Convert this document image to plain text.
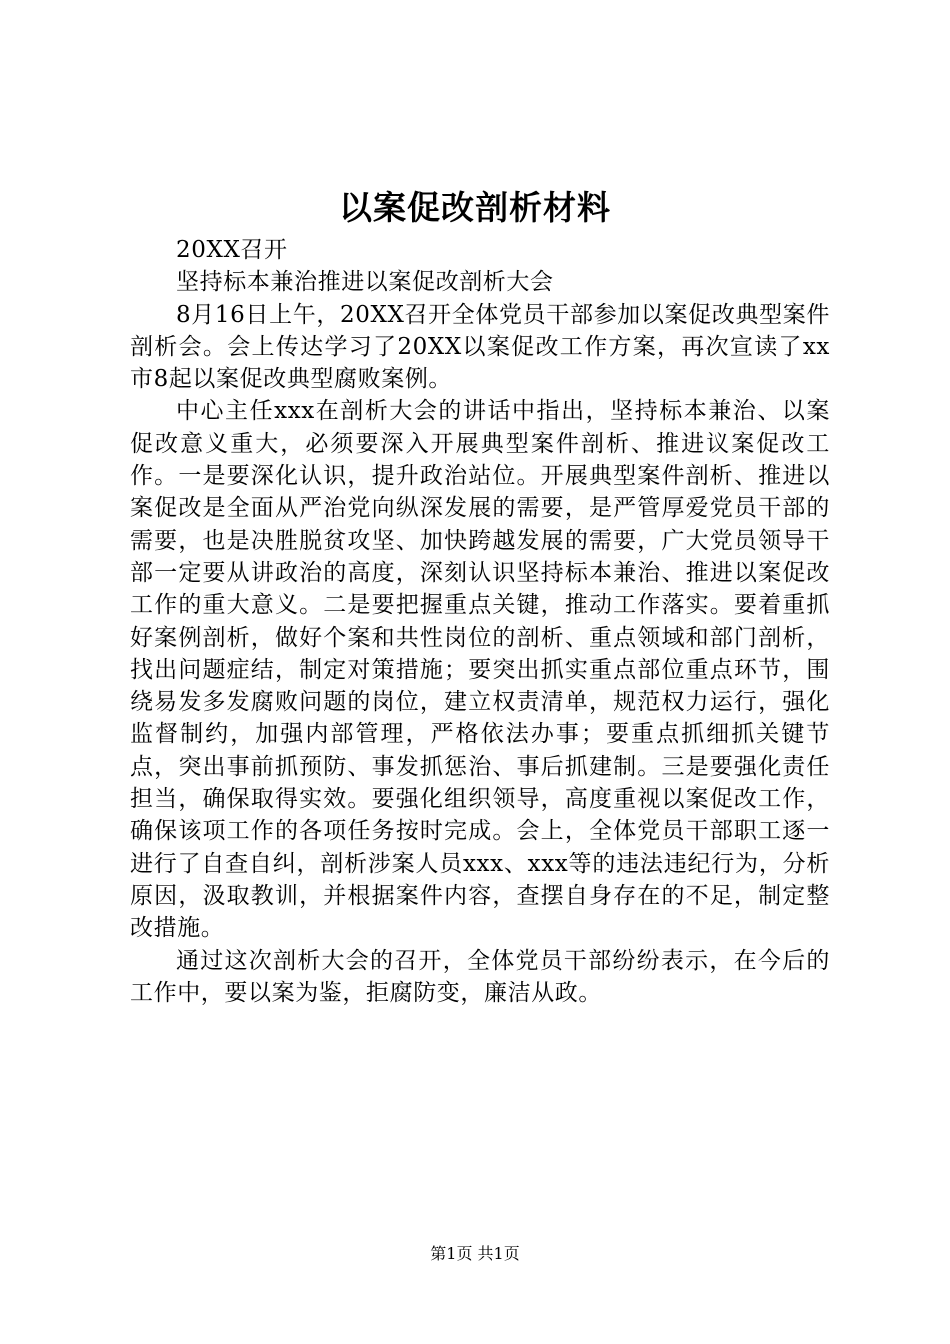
以案促改剖析材料

20XX召开

坚持标本兼治推进以案促改剖析大会

8月16日上午，20XX召开全体党员干部参加以案促改典型案件剖析会。会上传达学习了20XX以案促改工作方案，再次宣读了xx市8起以案促改典型腐败案例。

中心主任xxx在剖析大会的讲话中指出，坚持标本兼治、以案促改意义重大，必须要深入开展典型案件剖析、推进议案促改工作。一是要深化认识，提升政治站位。开展典型案件剖析、推进以案促改是全面从严治党向纵深发展的需要，是严管厚爱党员干部的需要，也是决胜脱贫攻坚、加快跨越发展的需要，广大党员领导干部一定要从讲政治的高度，深刻认识坚持标本兼治、推进以案促改工作的重大意义。二是要把握重点关键，推动工作落实。要着重抓好案例剖析，做好个案和共性岗位的剖析、重点领域和部门剖析，找出问题症结，制定对策措施；要突出抓实重点部位重点环节，围绕易发多发腐败问题的岗位，建立权责清单，规范权力运行，强化监督制约，加强内部管理，严格依法办事；要重点抓细抓关键节点，突出事前抓预防、事发抓惩治、事后抓建制。三是要强化责任担当，确保取得实效。要强化组织领导，高度重视以案促改工作，确保该项工作的各项任务按时完成。会上，全体党员干部职工逐一进行了自查自纠，剖析涉案人员xxx、xxx等的违法违纪行为，分析原因，汲取教训，并根据案件内容，查摆自身存在的不足，制定整改措施。

通过这次剖析大会的召开，全体党员干部纷纷表示，在今后的工作中，要以案为鉴，拒腐防变，廉洁从政。

第1页 共1页
